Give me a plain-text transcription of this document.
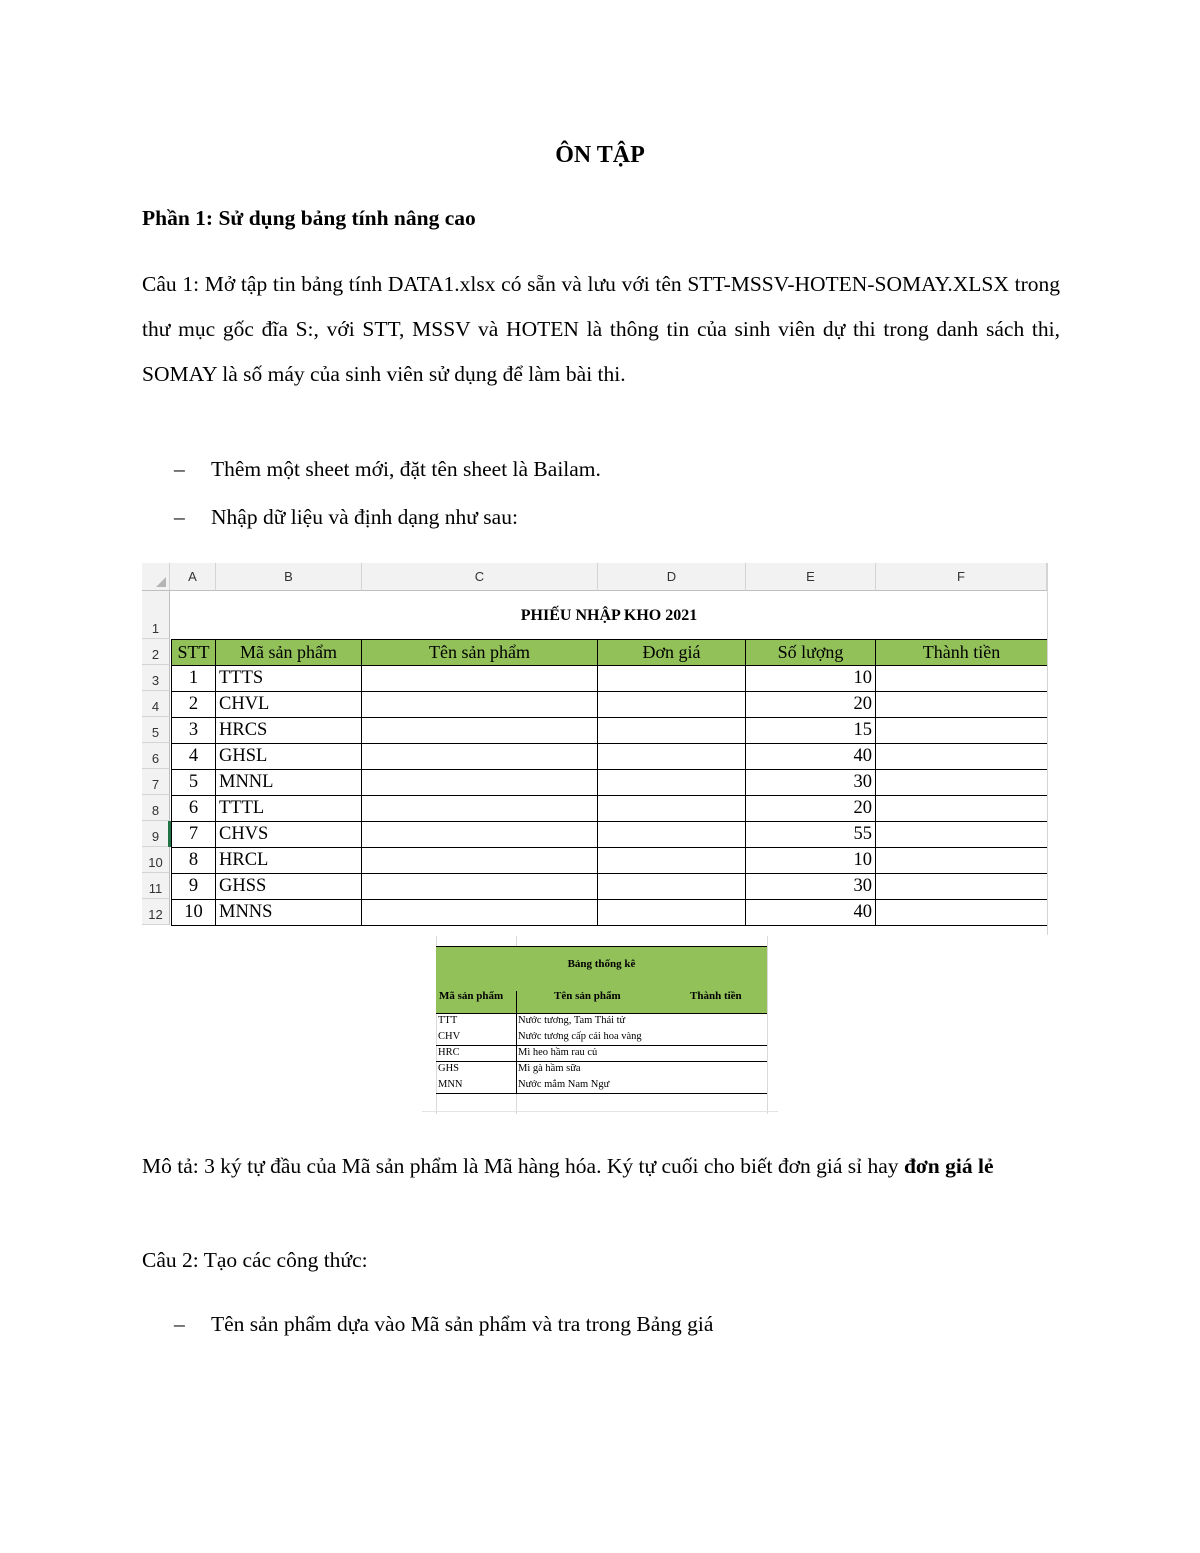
ÔN TẬP
Phần 1: Sử dụng bảng tính nâng cao
Câu 1: Mở tập tin bảng tính DATA1.xlsx có sẵn và lưu với tên STT-MSSV-HOTEN-SOMAY.XLSX trong thư mục gốc đĩa S:, với STT, MSSV và HOTEN là thông tin của sinh viên dự thi trong danh sách thi, SOMAY là số máy của sinh viên sử dụng để làm bài thi.
– Thêm một sheet mới, đặt tên sheet là Bailam.
– Nhập dữ liệu và định dạng như sau:
A	B	C	D	E	F
1
2
3
4
5
6
7
8
9
10
11
12
PHIẾU NHẬP KHO 2021
STT	Mã sản phẩm	Tên sản phẩm	Đơn giá	Số lượng	Thành tiền
1	TTTS			10	
2	CHVL			20	
3	HRCS			15	
4	GHSL			40	
5	MNNL			30	
6	TTTL			20	
7	CHVS			55	
8	HRCL			10	
9	GHSS			30	
10	MNNS			40	
Bảng thống kê
Mã sản phẩm	Tên sản phẩm	Thành tiền
TTT	Nước tương, Tam Thái tử
CHV	Nước tương cấp cải hoa vàng
HRC	Mì heo hầm rau củ
GHS	Mì gà hầm sữa
MNN	Nước mắm Nam Ngư
Mô tả: 3 ký tự đầu của Mã sản phẩm là Mã hàng hóa. Ký tự cuối cho biết đơn giá sỉ hay đơn giá lẻ
Câu 2: Tạo các công thức:
– Tên sản phẩm dựa vào Mã sản phẩm và tra trong Bảng giá
